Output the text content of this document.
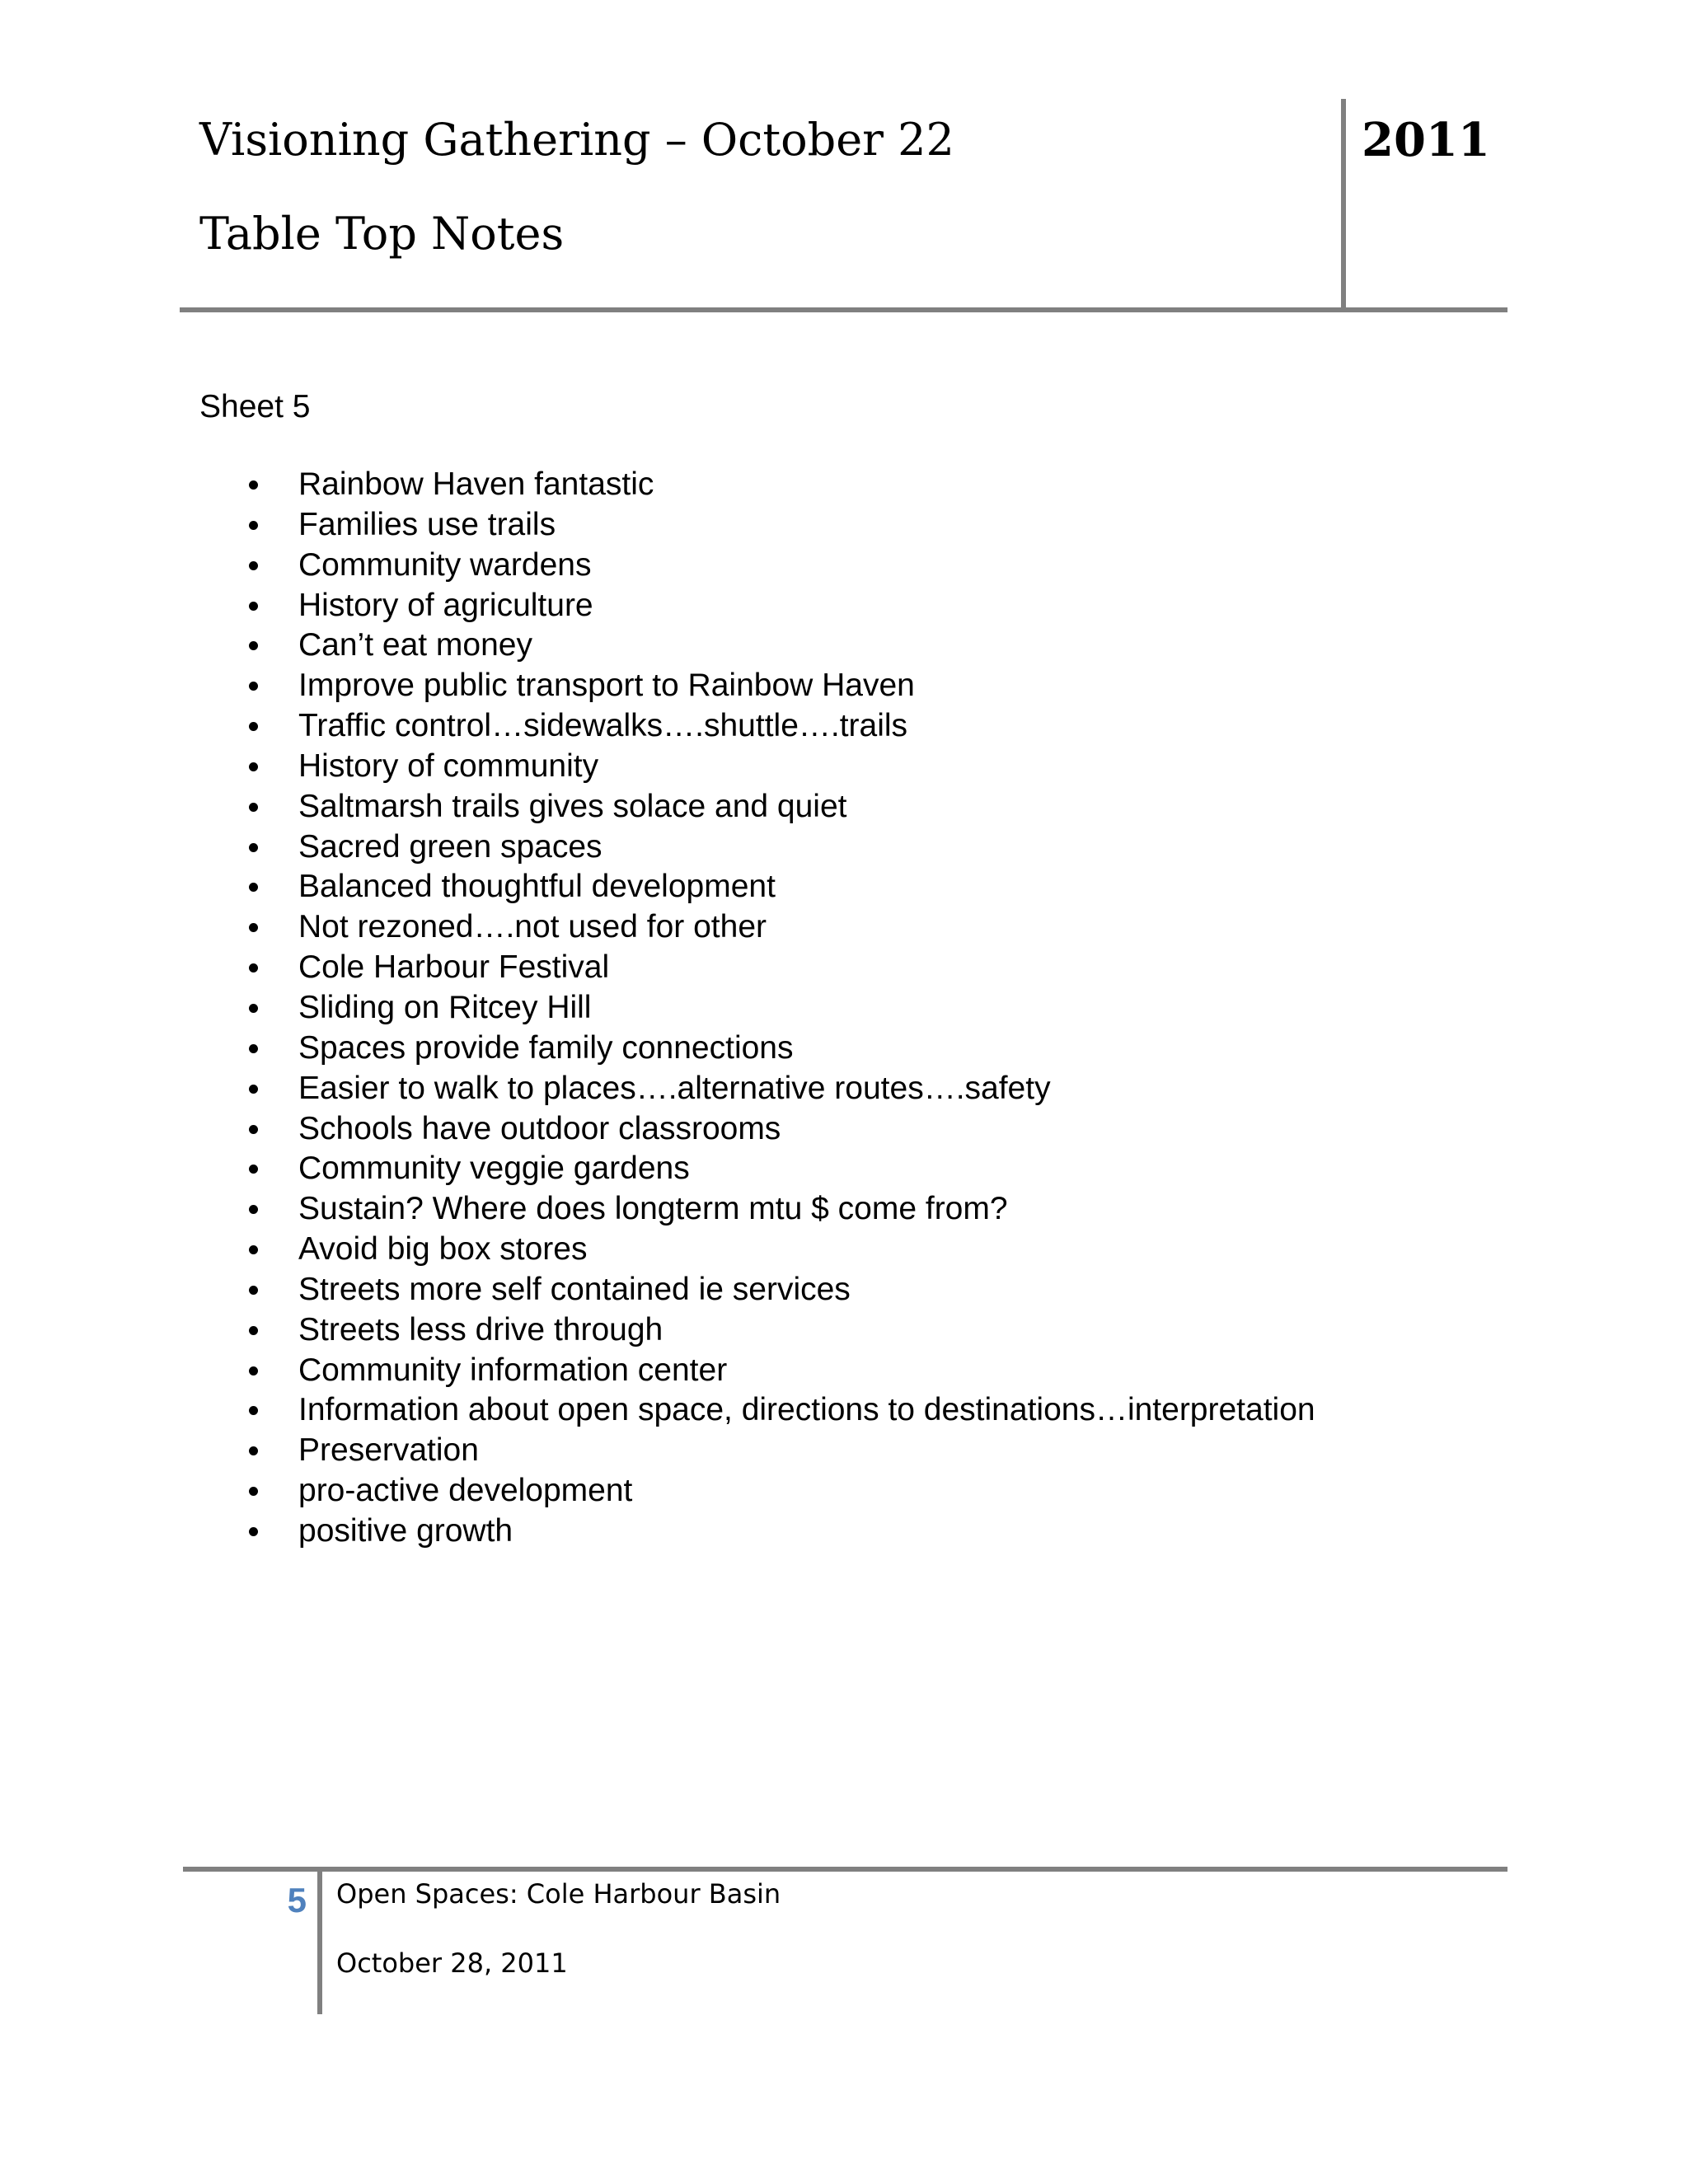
Visioning Gathering – October 22
Table Top Notes
2011
Sheet 5
Rainbow Haven fantastic
Families use trails
Community wardens
History of agriculture
Can’t eat money
Improve public transport to Rainbow Haven
Traffic control…sidewalks….shuttle….trails
History of community
Saltmarsh trails gives solace and quiet
Sacred green spaces
Balanced thoughtful development
Not rezoned….not used for other
Cole Harbour Festival
Sliding on Ritcey Hill
Spaces provide family connections
Easier to walk to places….alternative routes….safety
Schools have outdoor classrooms
Community veggie gardens
Sustain? Where does longterm mtu $ come from?
Avoid big box stores
Streets more self contained ie services
Streets less drive through
Community information center
Information about open space, directions to destinations…interpretation
Preservation
pro-active development
positive growth
5 Open Spaces: Cole Harbour Basin
October 28, 2011
